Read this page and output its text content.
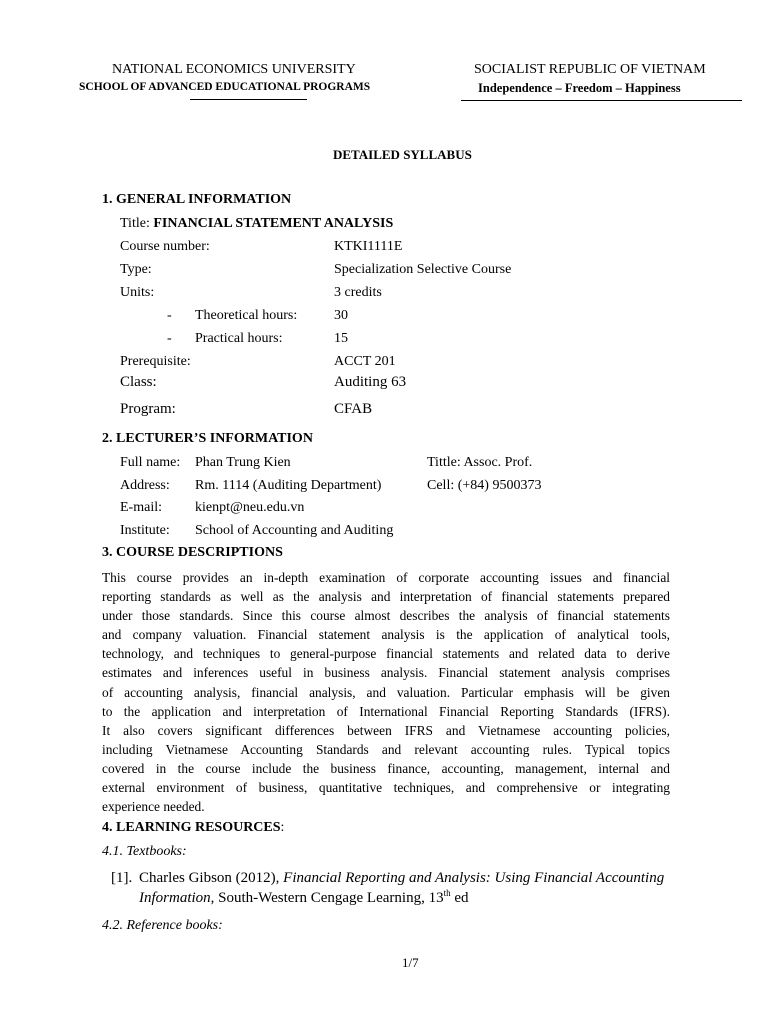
NATIONAL ECONOMICS UNIVERSITY
SCHOOL OF ADVANCED EDUCATIONAL PROGRAMS
SOCIALIST REPUBLIC OF VIETNAM
Independence – Freedom – Happiness
DETAILED SYLLABUS
1. GENERAL INFORMATION
Title: FINANCIAL STATEMENT ANALYSIS
Course number:	KTKI1111E
Type:	Specialization Selective Course
Units:	3 credits
- Theoretical hours:	30
- Practical hours:	15
Prerequisite:	ACCT 201
Class:	Auditing 63
Program:	CFAB
2. LECTURER’S INFORMATION
Full name: Phan Trung Kien	Tittle: Assoc. Prof.
Address: Rm. 1114 (Auditing Department)	Cell: (+84) 9500373
E-mail: kienpt@neu.edu.vn
Institute: School of Accounting and Auditing
3. COURSE DESCRIPTIONS
This course provides an in-depth examination of corporate accounting issues and financial
reporting standards as well as the analysis and interpretation of financial statements prepared
under those standards. Since this course almost describes the analysis of financial statements
and company valuation. Financial statement analysis is the application of analytical tools,
technology, and techniques to general-purpose financial statements and related data to derive
estimates and inferences useful in business analysis. Financial statement analysis comprises
of accounting analysis, financial analysis, and valuation. Particular emphasis will be given
to the application and interpretation of International Financial Reporting Standards (IFRS).
It also covers significant differences between IFRS and Vietnamese accounting policies,
including Vietnamese Accounting Standards and relevant accounting rules. Typical topics
covered in the course include the business finance, accounting, management, internal and
external environment of business, quantitative techniques, and comprehensive or integrating
experience needed.
4. LEARNING RESOURCES:
4.1. Textbooks:
[1]. Charles Gibson (2012), Financial Reporting and Analysis: Using Financial Accounting
Information, South-Western Cengage Learning, 13th ed
4.2. Reference books:
1/7
